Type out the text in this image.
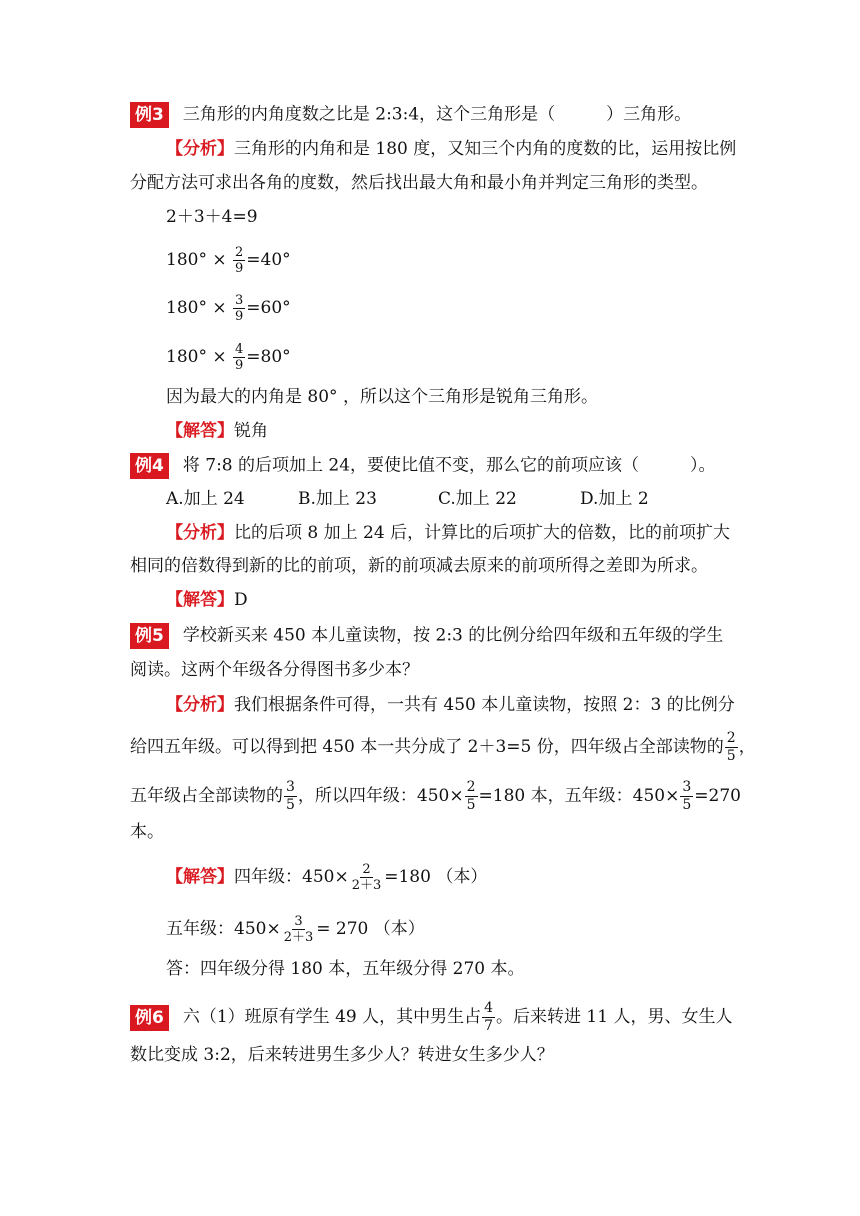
例3 三角形的内角度数之比是 2:3:4，这个三角形是（　　　）三角形。
【分析】三角形的内角和是 180 度，又知三个内角的度数的比，运用按比例
分配方法可求出各角的度数，然后找出最大角和最小角并判定三角形的类型。
2＋3＋4=9
$180^\circ \times \frac{2}{9} =40^\circ$
$180^\circ \times \frac{3}{9} =60^\circ$
$180^\circ \times \frac{4}{9} =80^\circ$
因为最大的内角是 80° ，所以这个三角形是锐角三角形。
【解答】锐角
例4 将 7:8 的后项加上 24，要使比值不变，那么它的前项应该（　　　）。
A.加上 24	B.加上 23	C.加上 22	D.加上 2
【分析】比的后项 8 加上 24 后，计算比的后项扩大的倍数，比的前项扩大
相同的倍数得到新的比的前项，新的前项减去原来的前项所得之差即为所求。
【解答】D
例5 学校新买来 450 本儿童读物，按 2:3 的比例分给四年级和五年级的学生
阅读。这两个年级各分得图书多少本？
【分析】我们根据条件可得，一共有 450 本儿童读物，按照 2：3 的比例分
给四五年级。可以得到把 450 本一共分成了 2＋3=5 份，四年级占全部读物的 $\frac{2}{5}$ ，
五年级占全部读物的 $\frac{3}{5}$ ，所以四年级：$450\times \frac{2}{5} =180$ 本，五年级：$450\times \frac{3}{5} =270$
本。
【解答】四年级：$450\times \frac{2}{2+3} =180$ （本）
五年级：$450\times \frac{3}{2+3} = 270$ （本）
答：四年级分得 180 本，五年级分得 270 本。
例6 六（1）班原有学生 49 人，其中男生占 $\frac{4}{7}$ 。后来转进 11 人，男、女生人
数比变成 3:2，后来转进男生多少人？转进女生多少人？
